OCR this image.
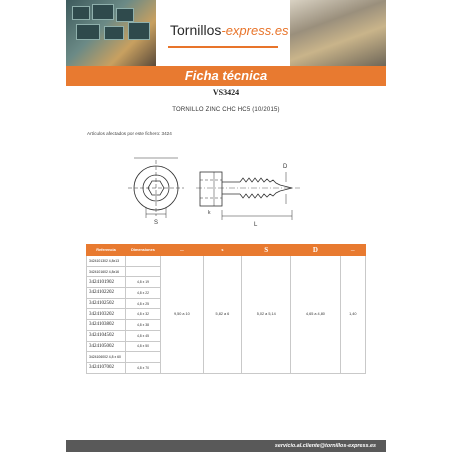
Tornillos-express.es
Ficha técnica
VS3424
TORNILLO ZINC CHC HC5 (10/2015)
Artículos afectados por este fichero: 3424
S
D
L
k
Referencia	Dimensiones	—	s	S	D	—
3424101302 4,8x13		9,50 a 10	5,82 a 6	5,02 a 5,14	4,65 a 4,80	1,40
3424101602 4,8x16						
3424101902	4,8 x 19					
3424102202	4,8 x 22					
3424102502	4,8 x 25					
3424103202	4,8 x 32					
3424103802	4,8 x 38					
3424104502	4,8 x 45					
3424105002	4,8 x 50					
3424106002 4,8 x 60						
3424107002	4,8 x 70					
servicio.al.cliente@tornillos-express.es
